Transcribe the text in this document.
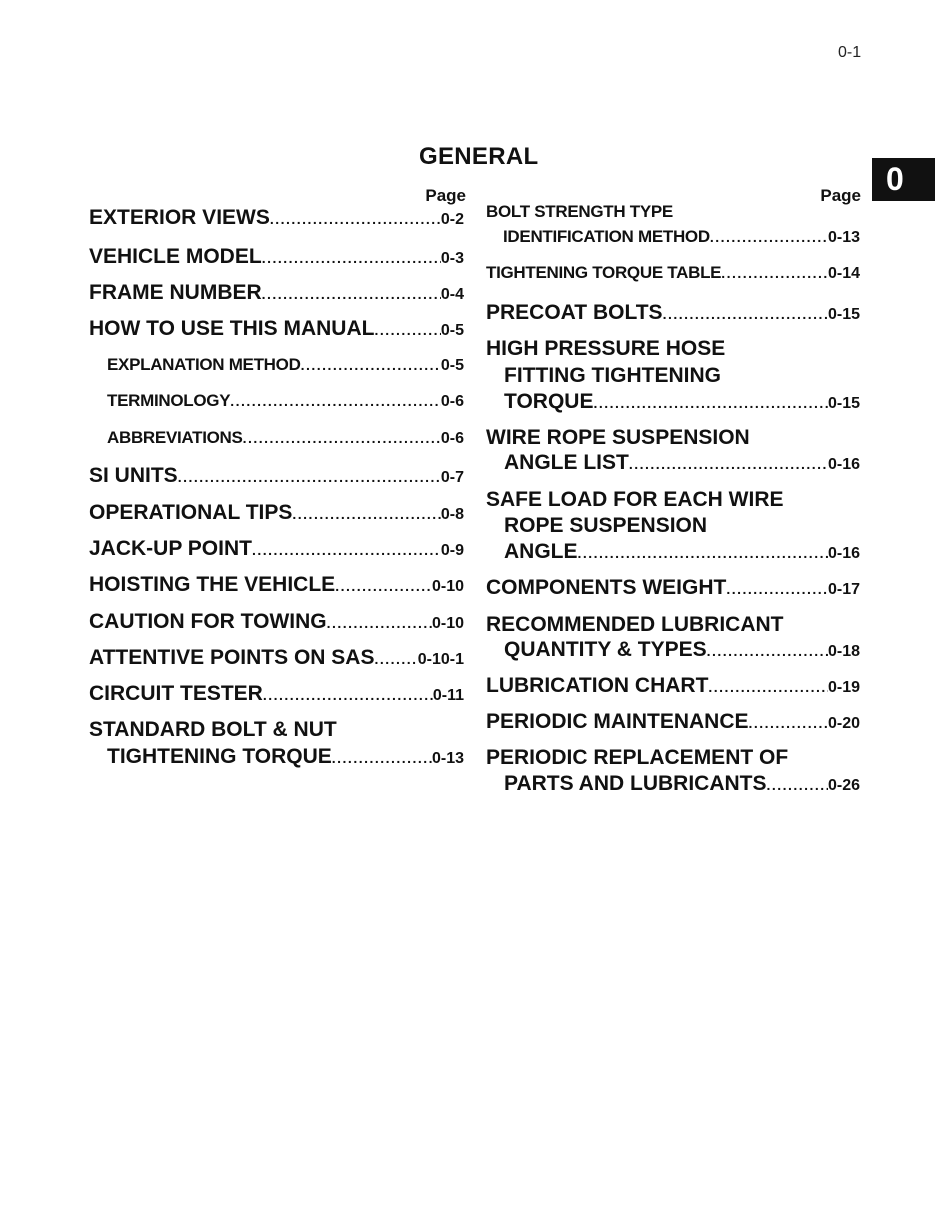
0-1
GENERAL
0
Page
EXTERIOR VIEWS . . .	0-2
VEHICLE MODEL . . .	0-3
FRAME NUMBER . . .	0-4
HOW TO USE THIS MANUAL . . .	0-5
EXPLANATION METHOD . . .	0-5
TERMINOLOGY . . .	0-6
ABBREVIATIONS . . .	0-6
SI UNITS . . .	0-7
OPERATIONAL TIPS . . .	0-8
JACK-UP POINT . . .	0-9
HOISTING THE VEHICLE . . .	0-10
CAUTION FOR TOWING . . .	0-10
ATTENTIVE POINTS ON SAS . . .	0-10-1
CIRCUIT TESTER . . .	0-11
STANDARD BOLT & NUT
TIGHTENING TORQUE . . .	0-13
Page
BOLT STRENGTH TYPE
IDENTIFICATION METHOD . . .	0-13
TIGHTENING TORQUE TABLE . . .	0-14
PRECOAT BOLTS . . .	0-15
HIGH PRESSURE HOSE
FITTING TIGHTENING
TORQUE . . .	0-15
WIRE ROPE SUSPENSION
ANGLE LIST . . .	0-16
SAFE LOAD FOR EACH WIRE
ROPE SUSPENSION
ANGLE . . .	0-16
COMPONENTS WEIGHT . . .	0-17
RECOMMENDED LUBRICANT
QUANTITY & TYPES . . .	0-18
LUBRICATION CHART . . .	0-19
PERIODIC MAINTENANCE . . .	0-20
PERIODIC REPLACEMENT OF
PARTS AND LUBRICANTS . . .	0-26
